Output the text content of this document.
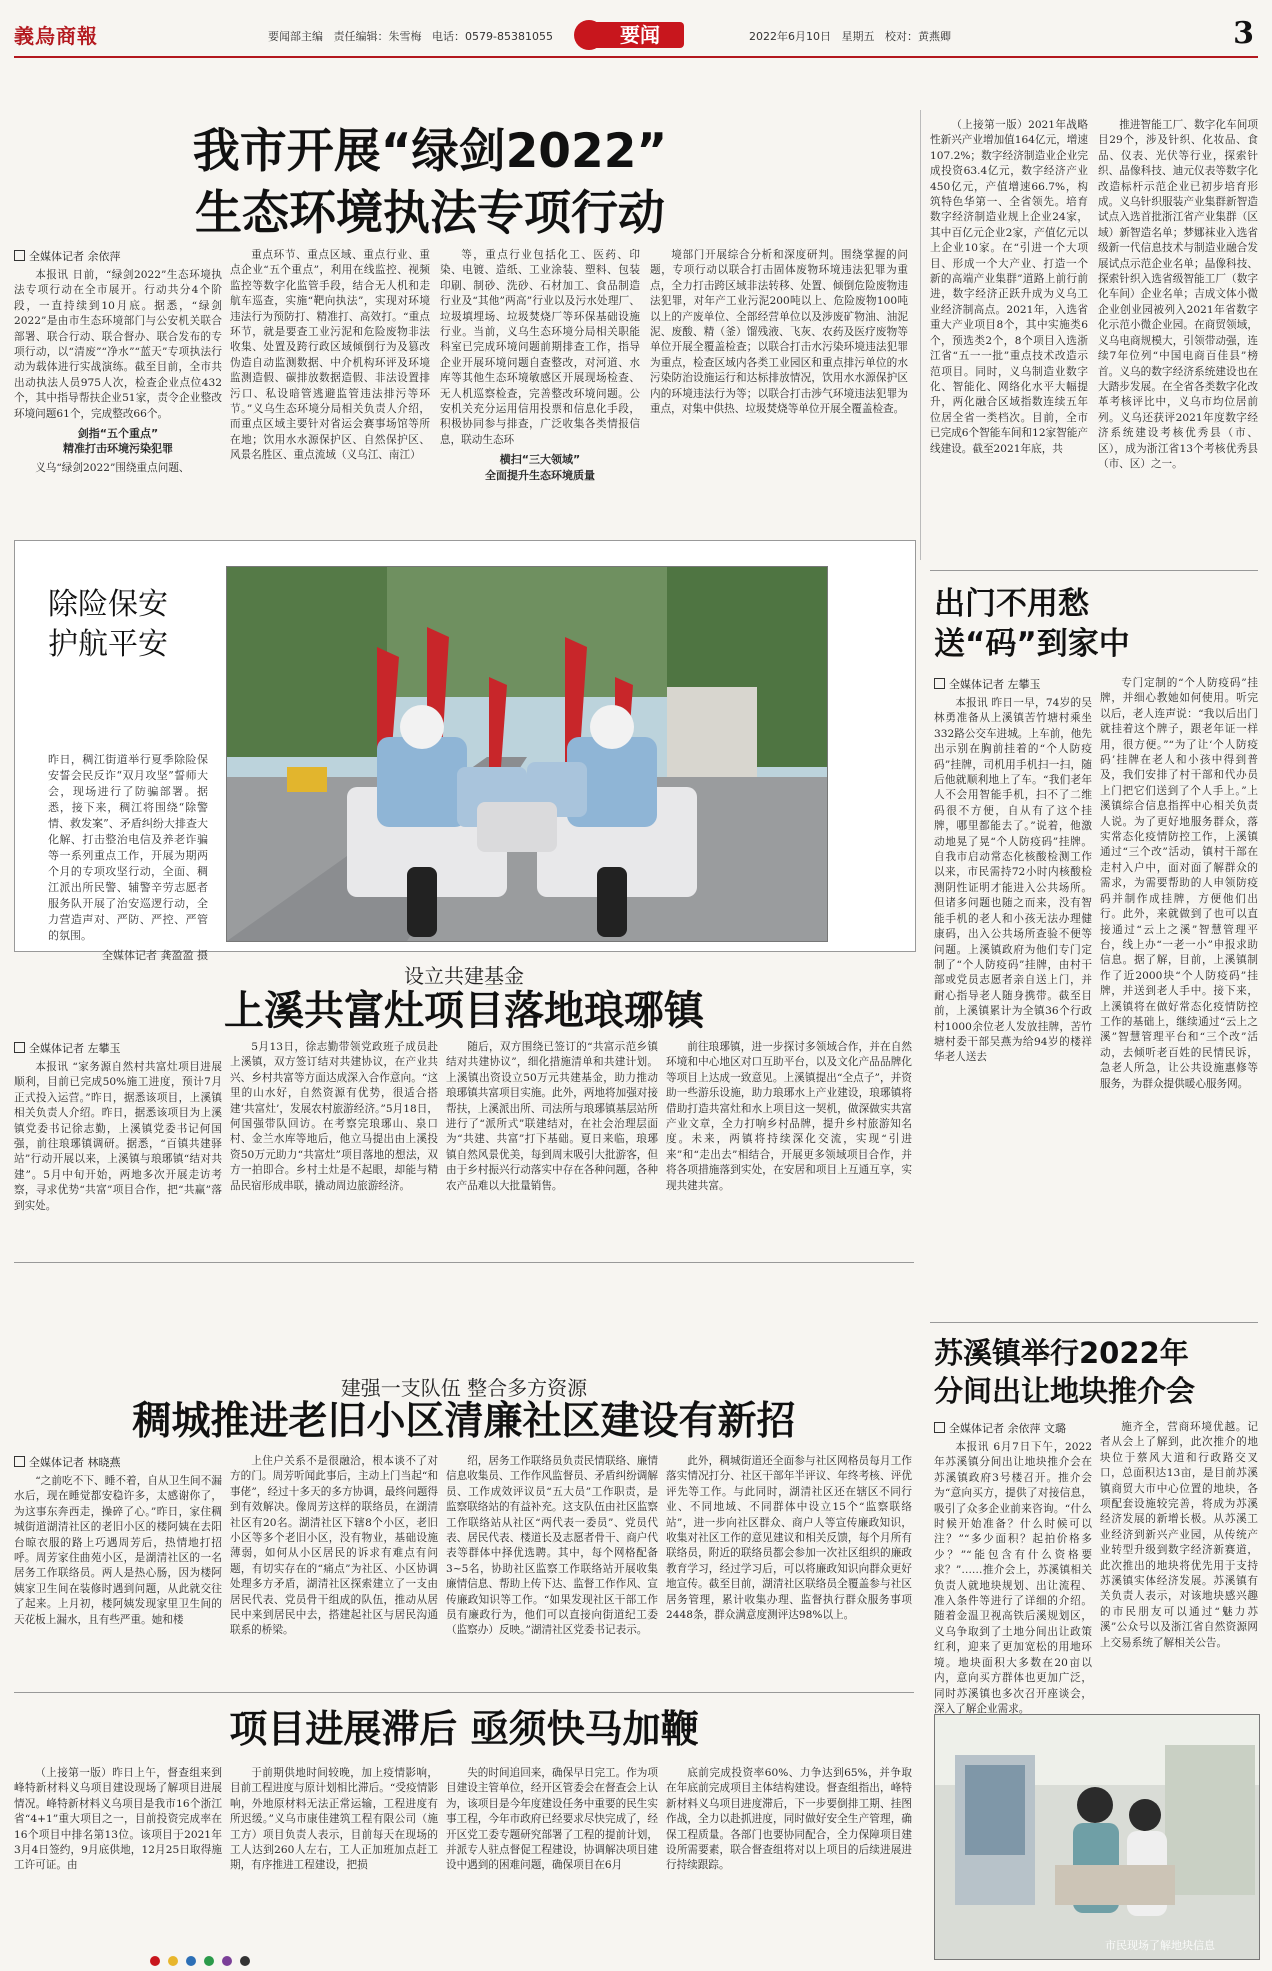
義烏商報	要闻部主编 责任编辑：朱雪梅 电话：0579-85381055	要闻	2022年6月10日 星期五 校对：黄燕卿	3
我市开展“绿剑2022”
生态环境执法专项行动
全媒体记者 余依萍

本报讯 日前，“绿剑2022”生态环境执法专项行动在全市展开。行动共分4个阶段，一直持续到10月底。据悉，“绿剑2022”是由市生态环境部门与公安机关联合部署、联合行动、联合督办、联合发布的专项行动，以“清废”“净水”“蓝天”专项执法行动为载体进行实战演练。截至目前，全市共出动执法人员975人次，检查企业点位432个，其中指导帮扶企业51家，责令企业整改环境问题61个，完成整改66个。

剑指“五个重点”
精准打击环境污染犯罪

义乌“绿剑2022”围绕重点问题、

重点环节、重点区域、重点行业、重点企业“五个重点”，利用在线监控、视频监控等数字化监管手段，结合无人机和走航车巡查，实施“靶向执法”，实现对环境违法行为预防打、精准打、高效打。“重点环节，就是要查工业污泥和危险废物非法收集、处置及跨行政区域倾倒行为及篡改伪造自动监测数据、中介机构环评及环境监测造假、碳排放数据造假、非法设置排污口、私设暗管逃避监管违法排污等环节。”义乌生态环境分局相关负责人介绍，而重点区域主要针对省运会赛事场馆等所在地；饮用水水源保护区、自然保护区、风景名胜区、重点流域（义乌江、南江）

等，重点行业包括化工、医药、印染、电镀、造纸、工业涂装、塑料、包装印刷、制砂、洗砂、石材加工、食品制造行业及“其他”两高”行业以及污水处理厂、垃圾填埋场、垃圾焚烧厂等环保基础设施行业。当前，义乌生态环境分局相关职能科室已完成环境问题前期排查工作，指导企业开展环境问题自查整改，对河道、水库等其他生态环境敏感区开展现场检查、无人机巡察检查，完善整改环境问题。公安机关充分运用信用投票和信息化手段，积极协同参与排查，广泛收集各类情报信息，联动生态环

横扫“三大领域”
全面提升生态环境质量

境部门开展综合分析和深度研判。围绕掌握的问题，专项行动以联合打击固体废物环境违法犯罪为重点，全力打击跨区域非法转移、处置、倾倒危险废物违法犯罪，对年产工业污泥200吨以上、危险废物100吨以上的产废单位、全部经营单位以及涉废矿物油、油泥泥、废酸、精（釜）馏残液、飞灰、农药及医疗废物等单位开展全覆盖检查；以联合打击水污染环境违法犯罪为重点，检查区域内各类工业园区和重点排污单位的水污染防治设施运行和达标排放情况，饮用水水源保护区内的环境违法行为等；以联合打击涉气环境违法犯罪为重点，对集中供热、垃圾焚烧等单位开展全覆盖检查。

（上接第一版）2021年战略性新兴产业增加值164亿元，增速107.2%；数字经济制造业企业完成投资63.4亿元，数字经济产业450亿元，产值增速66.7%，构筑特色华第一、全省领先。培育数字经济制造业规上企业24家，其中百亿元企业2家，产值亿元以上企业10家。在“引进一个大项目、形成一个大产业、打造一个新的高端产业集群”道路上前行前进，数字经济正跃升成为义乌工业经济制高点。2021年，入选省重大产业项目8个，其中实施类6个，预选类2个，8个项目入选浙江省“五一一批”重点技术改造示范项目。同时，义乌制造业数字化、智能化、网络化水平大幅提升，两化融合区域指数连续五年位居全省一类档次。目前，全市已完成6个智能车间和12家智能产线建设。截至2021年底，共

推进智能工厂、数字化车间项目29个，涉及针织、化妆品、食品、仪表、光伏等行业，探索针织、晶像科技、迪元仪表等数字化改造标杆示范企业已初步培育形成。义乌针织服装产业集群新智造试点入选首批浙江省产业集群（区域）新智造名单；梦娜袜业入选省级新一代信息技术与制造业融合发展试点示范企业名单；晶像科技、探索针织入选省级智能工厂（数字化车间）企业名单；吉成文体小微企业创业园被列入2021年省数字化示范小微企业园。在商贸领域，义乌电商规模大，引领带动强，连续7年位列“中国电商百佳县”榜首。义乌的数字经济系统建设也在大踏步发展。在全省各类数字化改革考核评比中，义乌市均位居前列。义乌还获评2021年度数字经济系统建设考核优秀县（市、区），成为浙江省13个考核优秀县（市、区）之一。

除险保安
护航平安
昨日，稠江街道举行夏季除险保安誓会民反诈“双月攻坚”誓师大会，现场进行了防骗部署。据悉，接下来，稠江将围绕“除警情、救发案”、矛盾纠纷大排查大化解、打击整治电信及养老诈骗等一系列重点工作，开展为期两个月的专项攻坚行动，全面、稠江派出所民警、辅警辛劳志愿者服务队开展了治安巡逻行动，全力营造声对、严防、严控、严管的氛围。
全媒体记者 龚盈盈 摄
出门不用愁
送“码”到家中
全媒体记者 左攀玉

本报讯 昨日一早，74岁的吴林勇准备从上溪镇苦竹塘村乘坐332路公交车进城。上车前，他先出示别在胸前挂着的“个人防疫码”挂牌，司机用手机扫一扫，随后他就顺利地上了车。“我们老年人不会用智能手机，扫不了二维码很不方便，自从有了这个挂牌，哪里都能去了。”说着，他激动地晃了晃“个人防疫码”挂牌。自我市启动常态化核酸检测工作以来，市民需持72小时内核酸检测阴性证明才能进入公共场所。但诸多问题也随之而来，没有智能手机的老人和小孩无法办理健康码，出入公共场所查验不便等问题。上溪镇政府为他们专门定制了“个人防疫码”挂牌，由村干部或党员志愿者亲自送上门，并耐心指导老人随身携带。截至目前，上溪镇累计为全镇36个行政村1000余位老人发放挂牌，苦竹塘村委干部吴燕为给94岁的楼祥华老人送去

专门定制的“个人防疫码”挂牌，并细心教她如何使用。听完以后，老人连声说：“我以后出门就挂着这个牌子，跟老年证一样用，很方便。”“为了让‘个人防疫码’挂牌在老人和小孩中得到普及，我们安排了村干部和代办员上门把它们送到了个人手上。”上溪镇综合信息指挥中心相关负责人说。为了更好地服务群众，落实常态化疫情防控工作，上溪镇通过“三个改”活动，镇村干部在走村入户中，面对面了解群众的需求，为需要帮助的人申领防疫码并制作成挂牌，方便他们出行。此外，来就做到了也可以直接通过“云上之溪”智慧管理平台，线上办“一老一小”申报求助信息。据了解，目前，上溪镇制作了近2000块“个人防疫码”挂牌，并送到老人手中。接下来，上溪镇将在做好常态化疫情防控工作的基础上，继续通过“云上之溪”智慧管理平台和“三个改”活动，去倾听老百姓的民情民诉，急老人所急，让公共设施惠修等服务，为群众提供暖心服务网。

设立共建基金
上溪共富灶项目落地琅琊镇
全媒体记者 左攀玉

本报讯 “家务源自然村共富灶项目进展顺利，目前已完成50%施工进度，预计7月正式投入运营。”昨日，据悉该项目，上溪镇相关负责人介绍。昨日，据悉该项目为上溪镇党委书记徐志勤，上溪镇党委书记何国强，前往琅琊镇调研。据悉，“百镇共建驿站”行动开展以来，上溪镇与琅琊镇“结对共建”。5月中旬开始，两地多次开展走访考察，寻求优势“共富”项目合作，把“共赢”落到实处。

5月13日，徐志勤带领党政班子成员赴上溪镇，双方签订结对共建协议，在产业共兴、乡村共富等方面达成深入合作意向。“这里的山水好，自然资源有优势，很适合搭建‘共富灶’，发展农村旅游经济。”5月18日，何国强带队回访。在考察完琅琊山、泉口村、金兰水库等地后，他立马提出由上溪投资50万元助力“共富灶”项目落地的想法，双方一拍即合。乡村土灶是不起眼，却能与精品民宿形成串联，撬动周边旅游经济。

随后，双方围绕已签订的“共富示范乡镇结对共建协议”，细化措施清单和共建计划。上溪镇出资设立50万元共建基金，助力推动琅琊镇共富项目实施。此外，两地将加强对接帮扶，上溪派出所、司法所与琅琊镇基层站所进行了“派所式”联建结对，在社会治理层面为“共建、共富”打下基础。夏日来临，琅琊镇自然风景优美，每到周末吸引大批游客，但由于乡村振兴行动落实中存在各种问题，各种农产品难以大批量销售。

前往琅琊镇，进一步探讨多领域合作，并在自然环境和中心地区对口互助平台，以及文化产品品牌化等项目上达成一致意见。上溪镇提出“全点子”，并资助一些游乐设施，助力琅琊水上产业建设，琅琊镇将借助打造共富灶和水上项目这一契机，做深做实共富产业文章，全力打响乡村品牌，提升乡村旅游知名度。未来，两镇将持续深化交流，实现“引进来”和“走出去”相结合，开展更多领域项目合作，并将各项措施落到实处，在安居和项目上互通互享，实现共建共富。

苏溪镇举行2022年
分间出让地块推介会
全媒体记者 余依萍 文璐

本报讯 6月7日下午，2022年苏溪镇分间出让地块推介会在苏溪镇政府3号楼召开。推介会为“意向买方，提供了对接信息，吸引了众多企业前来咨询。“什么时候开始准备？什么时候可以注？”“多少面积？起拍价格多少？”“能包含有什么资格要求？”……推介会上，苏溪镇相关负责人就地块规划、出让流程、准入条件等进行了详细的介绍。随着金温卫视高铁后溪规划区，义乌争取到了土地分间出让政策红利，迎来了更加宽松的用地环境。地块面积大多数在20亩以内，意向买方群体也更加广泛，同时苏溪镇也多次召开座谈会，深入了解企业需求。

施齐全，营商环境优越。记者从会上了解到，此次推介的地块位于蔡风大道和行政路交叉口，总面积达13亩，是目前苏溪镇商贸大市中心位置的地块，各项配套设施较完善，将成为苏溪经济发展的新增长极。从苏溪工业经济到新兴产业园，从传统产业转型升级到数字经济新赛道，此次推出的地块将优先用于支持苏溪镇实体经济发展。苏溪镇有关负责人表示，对该地块感兴趣的市民朋友可以通过“魅力苏溪”公众号以及浙江省自然资源网上交易系统了解相关公告。

建强一支队伍 整合多方资源
稠城推进老旧小区清廉社区建设有新招
全媒体记者 林晓燕

“之前吃不下、睡不着，自从卫生间不漏水后，现在睡觉都安稳许多，太感谢你了，为这事东奔西走，操碎了心。”昨日，家住稠城街道湖清社区的老旧小区的楼阿姨在去阳台晾衣服的路上巧遇周芳后，热情地打招呼。周芳家住曲苑小区，是湖清社区的一名居务工作联络员。两人是热心肠，因为楼阿姨家卫生间在装修时遇到问题，从此就交往了起来。上月初，楼阿姨发现家里卫生间的天花板上漏水，且有些严重。她和楼

上住户关系不是很融洽，根本谈不了对方的门。周芳听闻此事后，主动上门当起“和事佬”，经过十多天的多方协调，最终问题得到有效解决。像周芳这样的联络员，在湖清社区有20名。湖清社区下辖8个小区，老旧小区等多个老旧小区，没有物业，基础设施薄弱，如何从小区居民的诉求有难点有问题，有切实存在的“痛点”为社区、小区协调处理多方矛盾，湖清社区探索建立了一支由居民代表、党员骨干组成的队伍，推动从居民中来到居民中去，搭建起社区与居民沟通联系的桥梁。

绍，居务工作联络员负责民情联络、廉情信息收集员、工作作风监督员、矛盾纠纷调解员、工作成效评议员“五大员”工作职责，是监察联络站的有益补充。这支队伍由社区监察工作联络站从社区“两代表一委员”、党员代表、居民代表、楼道长及志愿者骨干、商户代表等群体中择优选聘。其中，每个网格配备3~5名，协助社区监察工作联络站开展收集廉情信息、帮助上传下达、监督工作作风、宣传廉政知识等工作。“如果发现社区干部工作员有廉政行为，他们可以直接向街道纪工委（监察办）反映。”湖清社区党委书记表示。

此外，稠城街道还全面参与社区网格员每月工作落实情况打分、社区干部年半评议、年终考核、评优评先等工作。与此同时，湖清社区还在辖区不同行业、不同地域、不同群体中设立15个“监察联络站”，进一步向社区群众、商户人等宣传廉政知识，收集对社区工作的意见建议和相关反馈，每个月所有联络员，附近的联络员都会参加一次社区组织的廉政教育学习，经过学习后，可以将廉政知识向群众更好地宣传。截至目前，湖清社区联络员全覆盖参与社区居务管理，累计收集办理、监督执行群众服务事项2448条，群众满意度测评达98%以上。

项目进展滞后 亟须快马加鞭

（上接第一版）昨日上午，督查组来到峰特新材料义乌项目建设现场了解项目进展情况。峰特新材料义乌项目是我市16个浙江省“4+1”重大项目之一，目前投资完成率在16个项目中排名第13位。该项目于2021年3月4日签约，9月底供地，12月25日取得施工许可证。由

于前期供地时间较晚，加上疫情影响，目前工程进度与原计划相比滞后。“受疫情影响，外地原材料无法正常运输，工程进度有所迟缓。”义乌市康佳建筑工程有限公司（施工方）项目负责人表示，目前每天在现场的工人达到260人左右，工人正加班加点赶工期，有序推进工程建设，把损

失的时间追回来，确保早日完工。作为项目建设主管单位，经开区管委会在督查会上认为，该项目是今年度建设任务中重要的民生实事工程，今年市政府已经要求尽快完成了，经开区党工委专题研究部署了工程的提前计划，并派专人驻点督促工程建设，协调解决项目建设中遇到的困难问题，确保项目在6月

底前完成投资率60%、力争达到65%，并争取在年底前完成项目主体结构建设。督查组指出，峰特新材料义乌项目进度滞后，下一步要倒排工期、挂图作战，全力以赴抓进度，同时做好安全生产管理，确保工程质量。各部门也要协同配合，全力保障项目建设所需要素，联合督查组将对以上项目的后续进展进行持续跟踪。

市民现场了解地块信息
